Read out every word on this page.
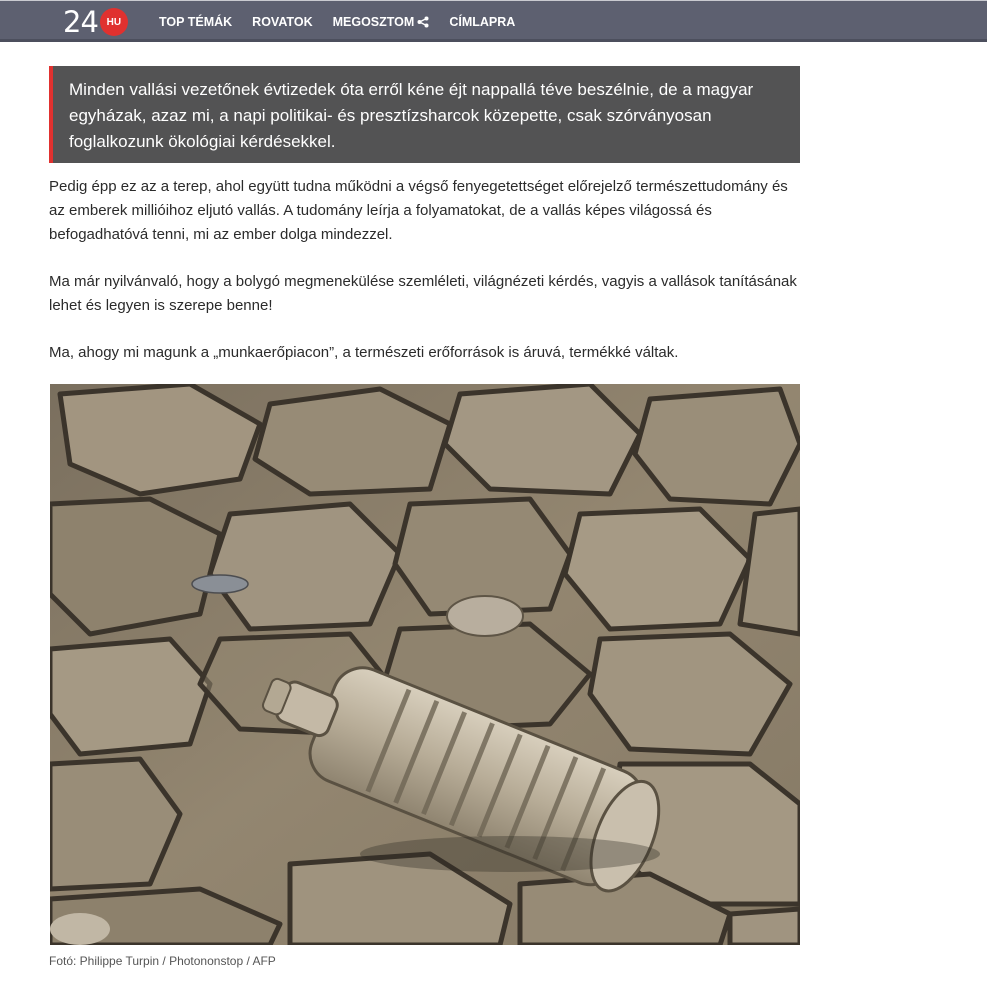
24 HU	TOP TÉMÁK ROVATOK MEGOSZTOM	CÍMLAPRA

Minden vallási vezetőnek évtizedek óta erről kéne éjt nappallá téve beszélnie, de a magyar egyházak, azaz mi, a napi politikai- és presztízsharcok közepette, csak szórványosan foglalkozunk ökológiai kérdésekkel.

Pedig épp ez az a terep, ahol együtt tudna működni a végső fenyegetettséget előrejelző természettudomány és az emberek millióihoz eljutó vallás. A tudomány leírja a folyamatokat, de a vallás képes világossá és befogadhatóvá tenni, mi az ember dolga mindezzel.

Ma már nyilvánvaló, hogy a bolygó megmenekülése szemléleti, világnézeti kérdés, vagyis a vallások tanításának lehet és legyen is szerepe benne!

Ma, ahogy mi magunk a „munkaerőpiacon”, a természeti erőforrások is áruvá, termékké váltak.

Fotó: Philippe Turpin / Photononstop / AFP
